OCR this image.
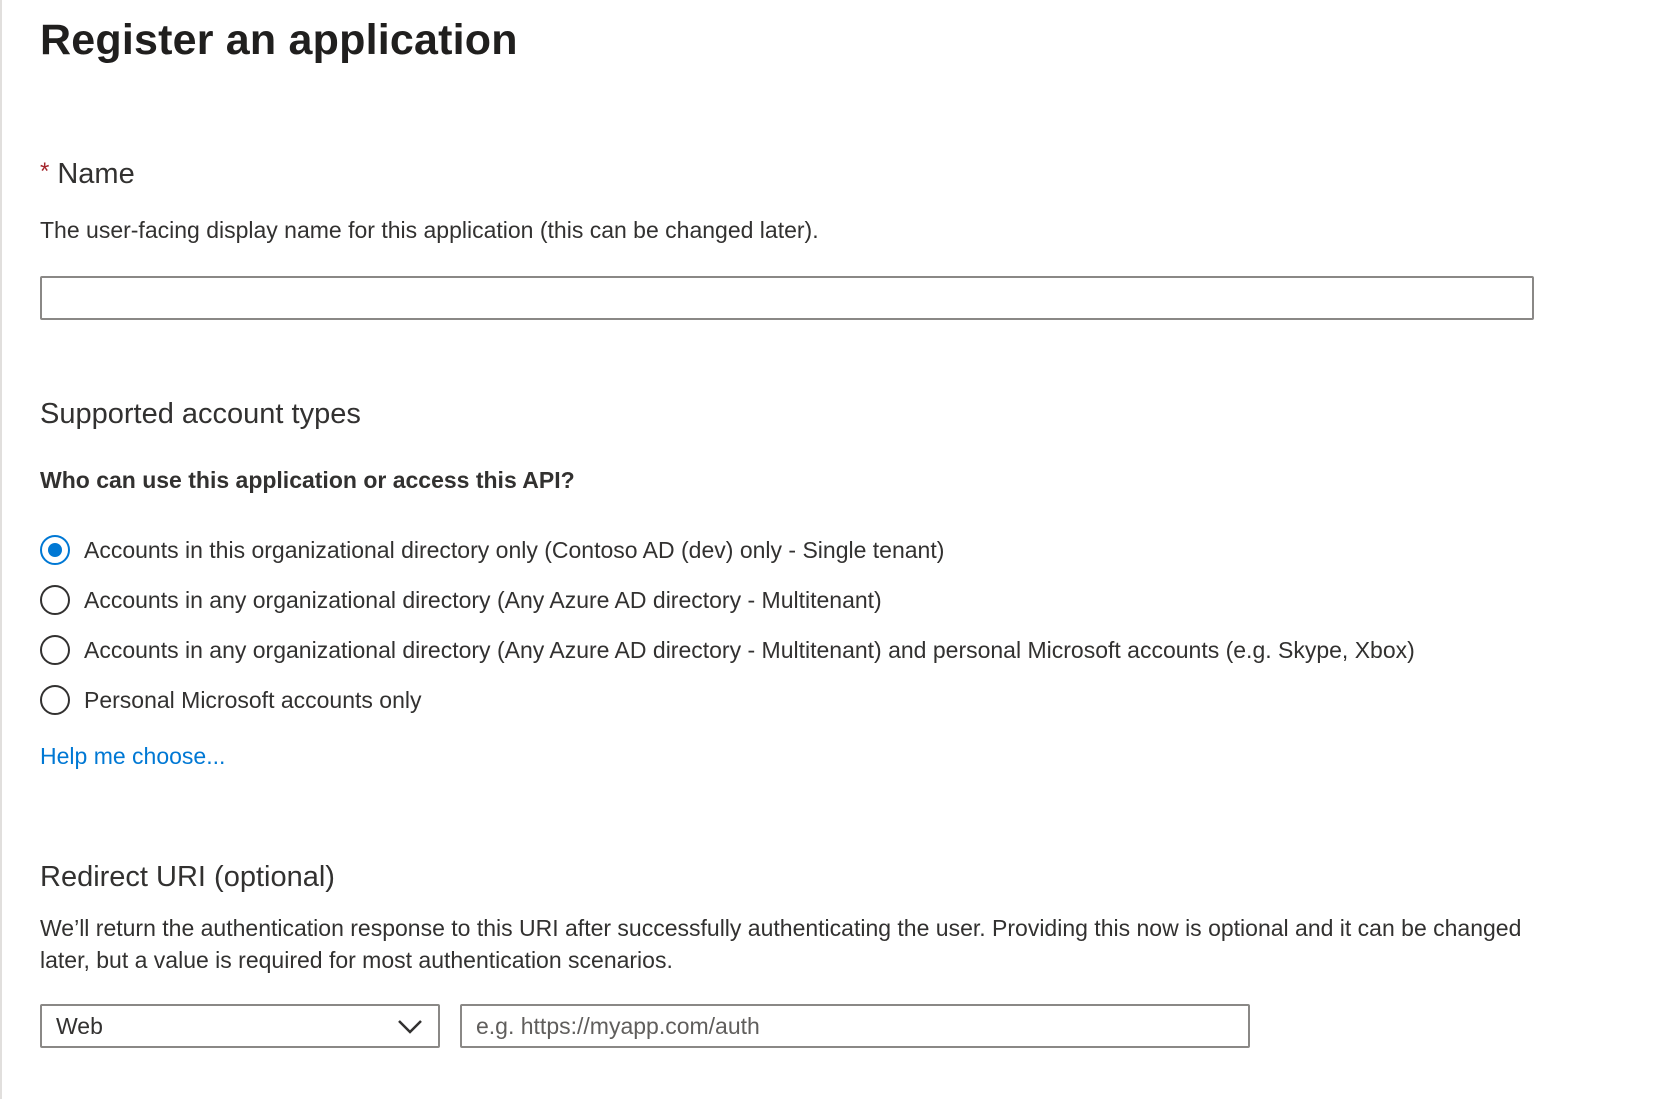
Register an application
* Name
The user-facing display name for this application (this can be changed later).
Supported account types
Who can use this application or access this API?
Accounts in this organizational directory only (Contoso AD (dev) only - Single tenant)
Accounts in any organizational directory (Any Azure AD directory - Multitenant)
Accounts in any organizational directory (Any Azure AD directory - Multitenant) and personal Microsoft accounts (e.g. Skype, Xbox)
Personal Microsoft accounts only
Help me choose...
Redirect URI (optional)
We’ll return the authentication response to this URI after successfully authenticating the user. Providing this now is optional and it can be changed later, but a value is required for most authentication scenarios.
Web
e.g. https://myapp.com/auth
